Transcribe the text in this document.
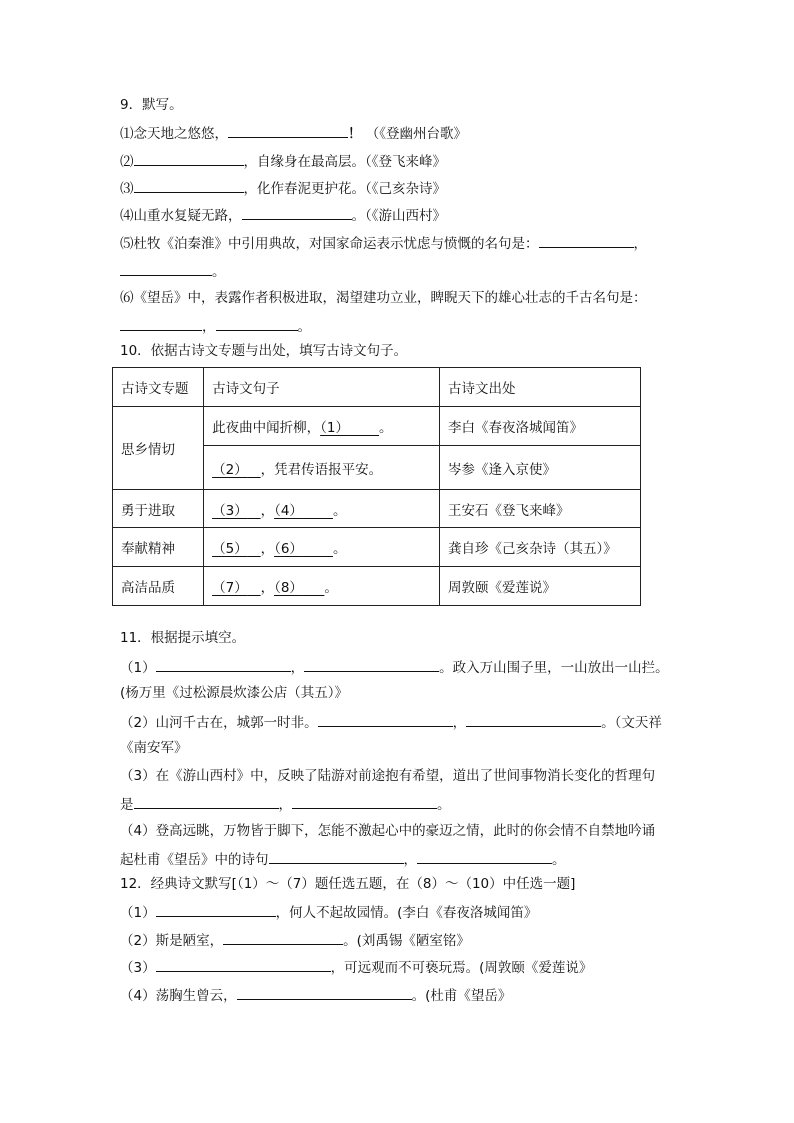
9．默写。
⑴念天地之悠悠，	！ （《登幽州台歌》
⑵	，自缘身在最高层。（《登飞来峰》
⑶	，化作春泥更护花。（《己亥杂诗》
⑷山重水复疑无路，	。（《游山西村》
⑸杜牧《泊秦淮》中引用典故，对国家命运表示忧虑与愤慨的名句是：	，
。
⑹《望岳》中，表露作者积极进取，渴望建功立业，睥睨天下的雄心壮志的千古名句是：
，	。
10．依据古诗文专题与出处，填写古诗文句子。
古诗文专题	古诗文句子	古诗文出处
思乡情切	此夜曲中闻折柳，（1） 。	李白《春夜洛城闻笛》
	（2） ，凭君传语报平安。	岑参《逢入京使》
勇于进取	（3） ，（4） 。	王安石《登飞来峰》
奉献精神	（5） ，（6） 。	龚自珍《己亥杂诗（其五）》
高洁品质	（7） ，（8） 。	周敦颐《爱莲说》
11．根据提示填空。
（1）	，	。政入万山围子里，一山放出一山拦。
(杨万里《过松源晨炊漆公店（其五）》
（2）山河千古在，城郭一时非。	，	。（文天祥
《南安军》
（3）在《游山西村》中，反映了陆游对前途抱有希望，道出了世间事物消长变化的哲理句
是	，	。
（4）登高远眺，万物皆于脚下，怎能不激起心中的豪迈之情，此时的你会情不自禁地吟诵
起杜甫《望岳》中的诗句	，	。
12．经典诗文默写[（1）～（7）题任选五题，在（8）～（10）中任选一题]
（1）	，何人不起故园情。(李白《春夜洛城闻笛》
（2）斯是陋室，	。(刘禹锡《陋室铭》
（3）	，可远观而不可亵玩焉。(周敦颐《爱莲说》
（4）荡胸生曾云，	。(杜甫《望岳》
